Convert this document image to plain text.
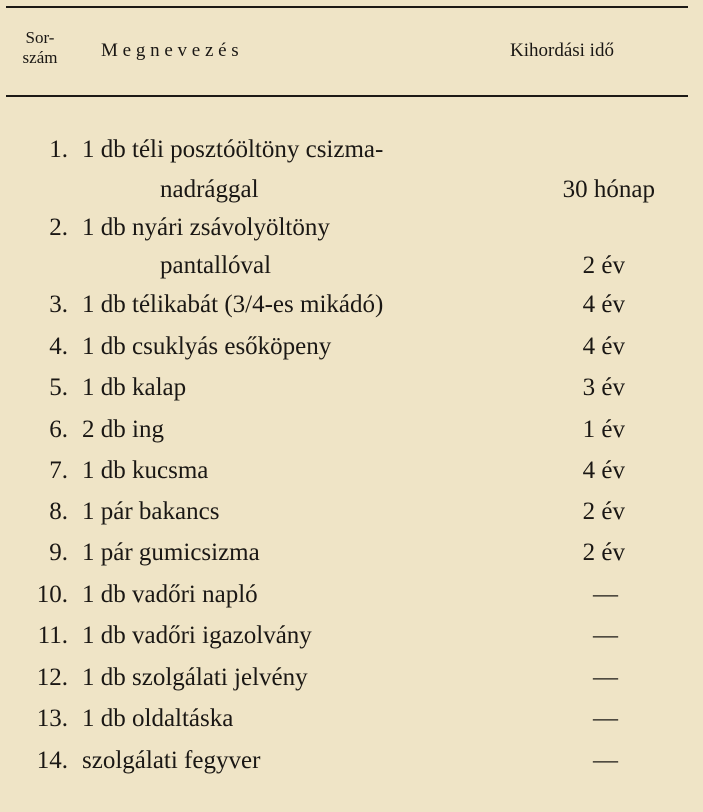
Sor-
szám	M e g n e v e z é s	Kihordási idő
1. 1 db téli posztóöltöny csizma-
nadrággal	30 hónap
2. 1 db nyári zsávolyöltöny
pantallóval	2 év
3. 1 db télikabát (3/4-es mikádó)	4 év
4. 1 db csuklyás esőköpeny	4 év
5. 1 db kalap	3 év
6. 2 db ing	1 év
7. 1 db kucsma	4 év
8. 1 pár bakancs	2 év
9. 1 pár gumicsizma	2 év
10. 1 db vadőri napló	—
11. 1 db vadőri igazolvány	—
12. 1 db szolgálati jelvény	—
13. 1 db oldaltáska	—
14. szolgálati fegyver	—
